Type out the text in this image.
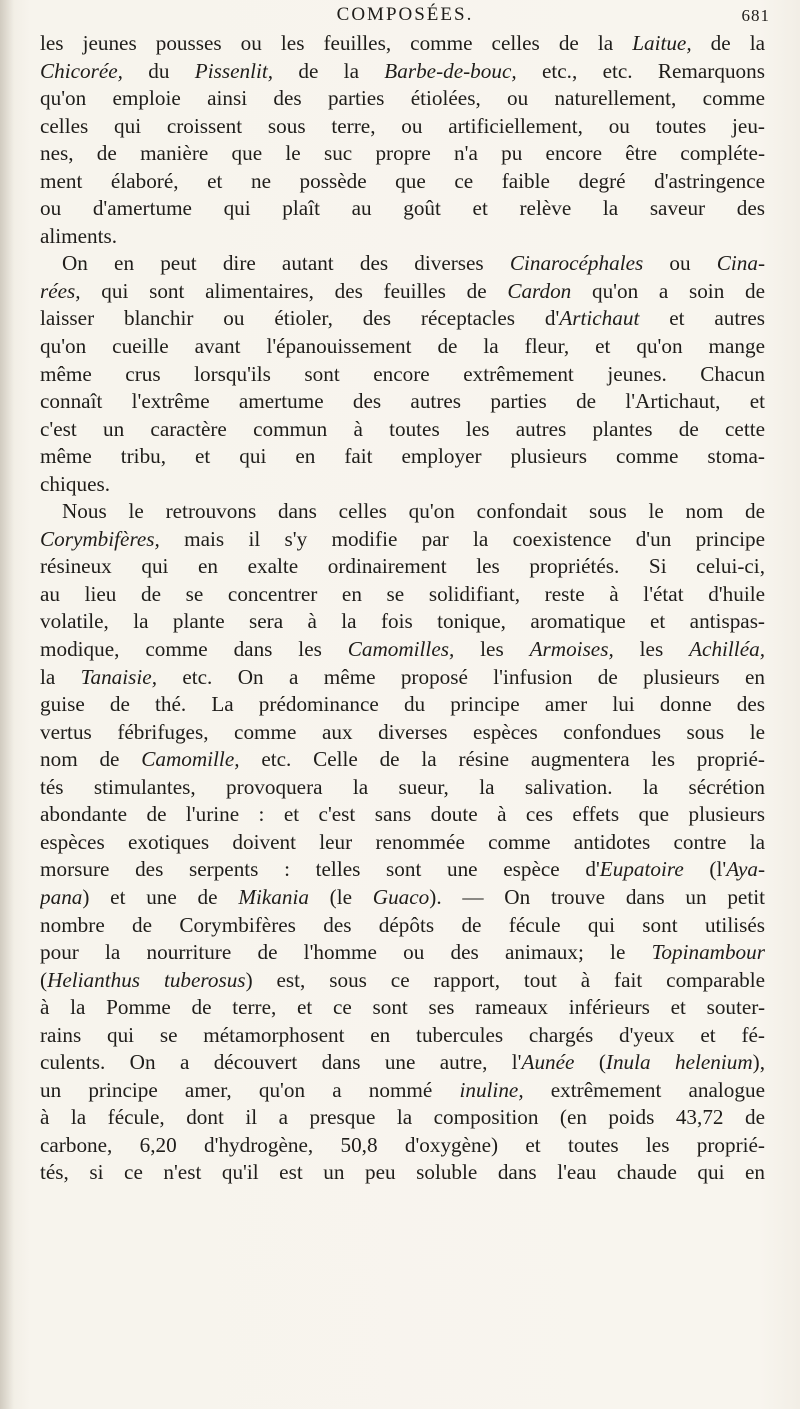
COMPOSÉES.	681
les jeunes pousses ou les feuilles, comme celles de la Laitue, de la
Chicorée, du Pissenlit, de la Barbe-de-bouc, etc., etc. Remarquons
qu'on emploie ainsi des parties étiolées, ou naturellement, comme
celles qui croissent sous terre, ou artificiellement, ou toutes jeu-
nes, de manière que le suc propre n'a pu encore être compléte-
ment élaboré, et ne possède que ce faible degré d'astringence
ou d'amertume qui plaît au goût et relève la saveur des
aliments.
On en peut dire autant des diverses Cinarocéphales ou Cina-
rées, qui sont alimentaires, des feuilles de Cardon qu'on a soin de
laisser blanchir ou étioler, des réceptacles d'Artichaut et autres
qu'on cueille avant l'épanouissement de la fleur, et qu'on mange
même crus lorsqu'ils sont encore extrêmement jeunes. Chacun
connaît l'extrême amertume des autres parties de l'Artichaut, et
c'est un caractère commun à toutes les autres plantes de cette
même tribu, et qui en fait employer plusieurs comme stoma-
chiques.
Nous le retrouvons dans celles qu'on confondait sous le nom de
Corymbifères, mais il s'y modifie par la coexistence d'un principe
résineux qui en exalte ordinairement les propriétés. Si celui-ci,
au lieu de se concentrer en se solidifiant, reste à l'état d'huile
volatile, la plante sera à la fois tonique, aromatique et antispas-
modique, comme dans les Camomilles, les Armoises, les Achilléa,
la Tanaisie, etc. On a même proposé l'infusion de plusieurs en
guise de thé. La prédominance du principe amer lui donne des
vertus fébrifuges, comme aux diverses espèces confondues sous le
nom de Camomille, etc. Celle de la résine augmentera les proprié-
tés stimulantes, provoquera la sueur, la salivation. la sécrétion
abondante de l'urine : et c'est sans doute à ces effets que plusieurs
espèces exotiques doivent leur renommée comme antidotes contre la
morsure des serpents : telles sont une espèce d'Eupatoire (l'Aya-
pana) et une de Mikania (le Guaco). — On trouve dans un petit
nombre de Corymbifères des dépôts de fécule qui sont utilisés
pour la nourriture de l'homme ou des animaux; le Topinambour
(Helianthus tuberosus) est, sous ce rapport, tout à fait comparable
à la Pomme de terre, et ce sont ses rameaux inférieurs et souter-
rains qui se métamorphosent en tubercules chargés d'yeux et fé-
culents. On a découvert dans une autre, l'Aunée (Inula helenium),
un principe amer, qu'on a nommé inuline, extrêmement analogue
à la fécule, dont il a presque la composition (en poids 43,72 de
carbone, 6,20 d'hydrogène, 50,8 d'oxygène) et toutes les proprié-
tés, si ce n'est qu'il est un peu soluble dans l'eau chaude qui en
